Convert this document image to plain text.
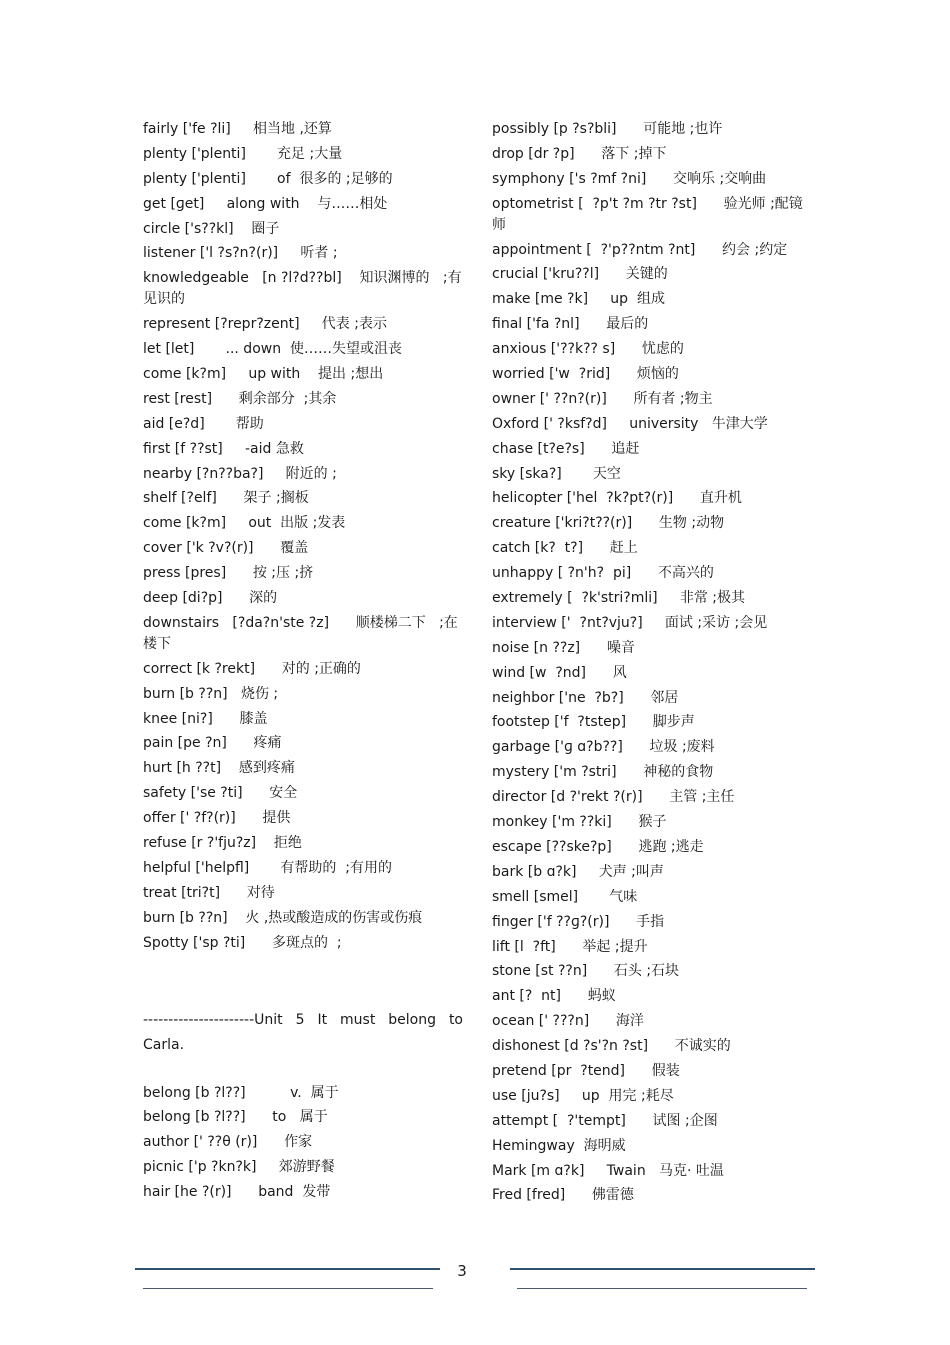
fairly ['fe ?li]     相当地 ,还算
plenty ['plenti]       充足 ;大量
plenty ['plenti]       of  很多的 ;足够的
get [ɡet]     along with    与……相处
circle ['s??kl]    圈子
listener ['l ?s?n?(r)]     听者 ;
knowledgeable   [n ?l?d??bl]    知识渊博的   ;有见识的
represent [?repr?zent]     代表 ;表示
let [let]       ... down  使……失望或沮丧
come [k?m]     up with    提出 ;想出
rest [rest]      剩余部分  ;其余
aid [e?d]       帮助
first [f ??st]     -aid 急救
nearby [?n??ba?]     附近的 ;
shelf [?elf]      架子 ;搁板
come [k?m]     out  出版 ;发表
cover ['k ?v?(r)]      覆盖
press [pres]      按 ;压 ;挤
deep [di?p]      深的
downstairs   [?da?n'ste ?z]      顺楼梯二下   ;在楼下
correct [k ?rekt]      对的 ;正确的
burn [b ??n]   烧伤 ;
knee [ni?]      膝盖
pain [pe ?n]      疼痛
hurt [h ??t]    感到疼痛
safety ['se ?ti]      安全
offer [' ?f?(r)]      提供
refuse [r ?'fju?z]    拒绝
helpful ['helpfl]       有帮助的  ;有用的
treat [tri?t]      对待
burn [b ??n]    火 ,热或酸造成的伤害或伤痕
Spotty ['sp ?ti]      多斑点的  ;
----------------------Unit 5 It must belong to Carla.
belong [b ?l??]          v.  属于
belong [b ?l??]      to   属于
author [' ??θ (r)]      作家
picnic ['p ?kn?k]     郊游野餐
hair [he ?(r)]      band  发带
possibly [p ?s?bli]      可能地 ;也许
drop [dr ?p]      落下 ;掉下
symphony ['s ?mf ?ni]      交响乐 ;交响曲
optometrist [  ?p't ?m ?tr ?st]      验光师 ;配镜师
appointment [  ?'p??ntm ?nt]      约会 ;约定
crucial ['kru??l]      关键的
make [me ?k]     up  组成
final ['fa ?nl]      最后的
anxious ['??k?? s]      忧虑的
worried ['w  ?rid]      烦恼的
owner [' ??n?(r)]      所有者 ;物主
Oxford [' ?ksf?d]     university   牛津大学
chase [t?e?s]      追赶
sky [ska?]       天空
helicopter ['hel  ?k?pt?(r)]      直升机
creature ['kri?t??(r)]      生物 ;动物
catch [k?  t?]      赶上
unhappy [ ?n'h?  pi]      不高兴的
extremely [  ?k'stri?mli]     非常 ;极其
interview ['  ?nt?vju?]     面试 ;采访 ;会见
noise [n ??z]      噪音
wind [w  ?nd]      风
neighbor ['ne  ?b?]      邻居
footstep ['f  ?tstep]      脚步声
garbage ['ɡ ɑ?b??]      垃圾 ;废料
mystery ['m ?stri]      神秘的食物
director [d ?'rekt ?(r)]      主管 ;主任
monkey ['m ??ki]      猴子
escape [??ske?p]      逃跑 ;逃走
bark [b ɑ?k]     犬声 ;叫声
smell [smel]       气味
finger ['f ??ɡ?(r)]      手指
lift [l  ?ft]      举起 ;提升
stone [st ??n]      石头 ;石块
ant [?  nt]      蚂蚁
ocean [' ???n]      海洋
dishonest [d ?s'?n ?st]      不诚实的
pretend [pr  ?tend]      假装
use [ju?s]     up  用完 ;耗尽
attempt [  ?'tempt]      试图 ;企图
Hemingway  海明威
Mark [m ɑ?k]     Twain   马克· 吐温
Fred [fred]      佛雷德
3
